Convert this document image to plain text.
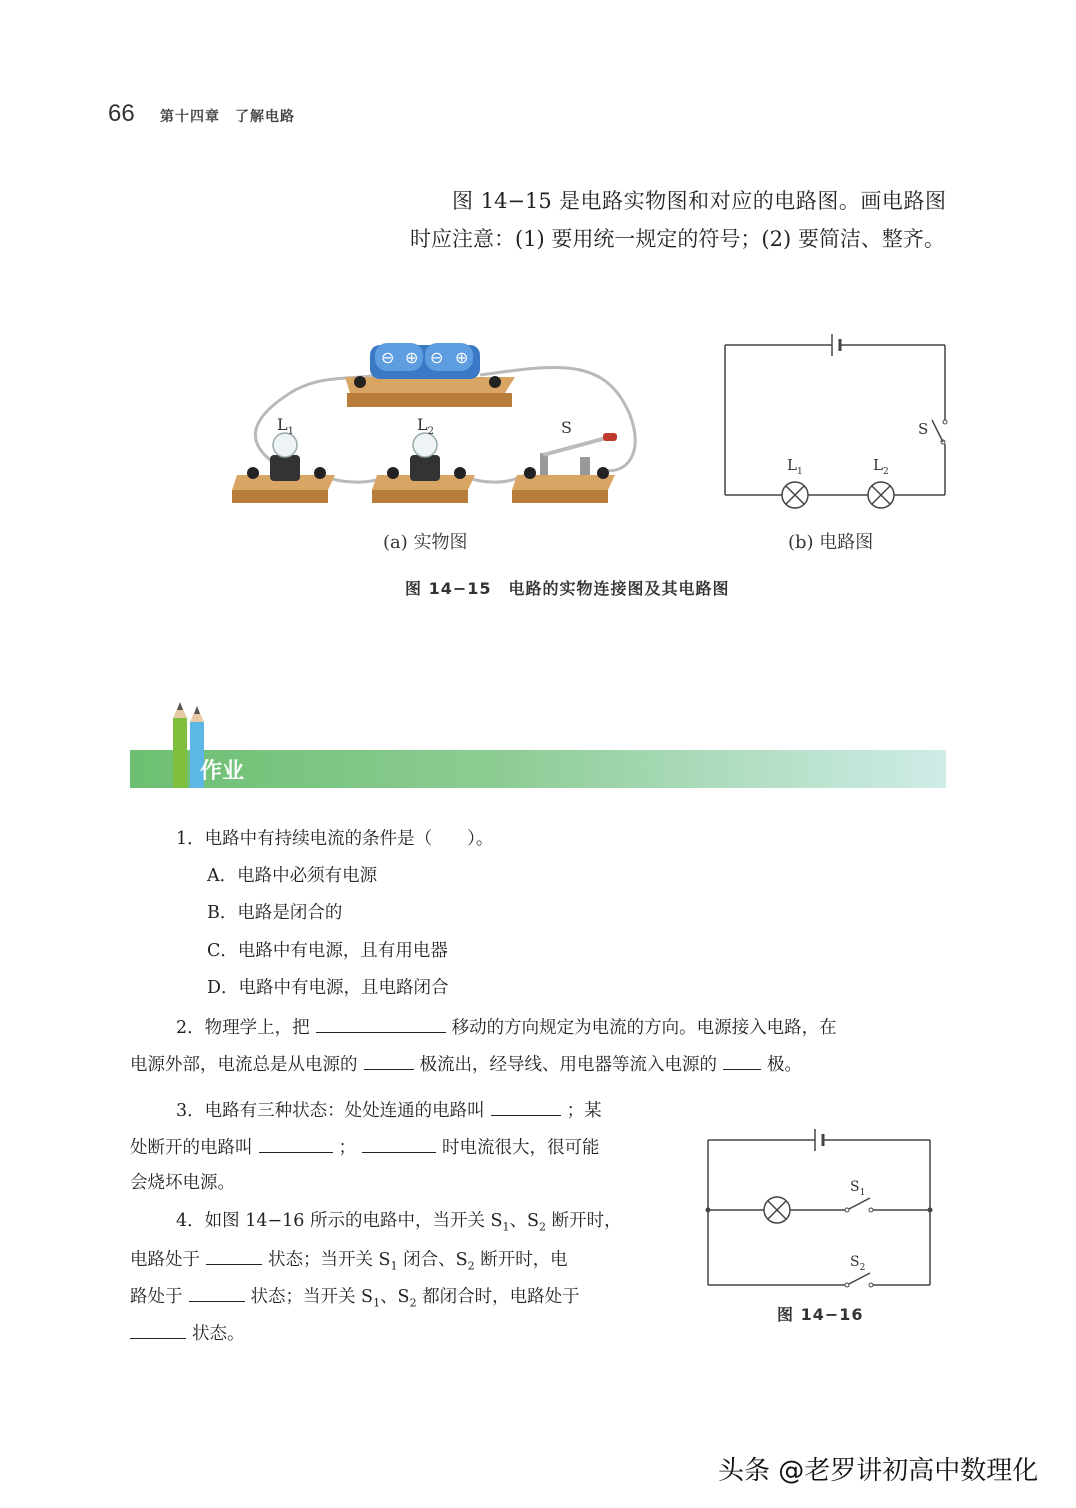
66 第十四章　了解电路
图 14−15 是电路实物图和对应的电路图。画电路图时应注意：(1) 要用统一规定的符号；(2) 要简洁、整齐。
⊖ ⊕ ⊖ ⊕
$L_1$	$L_2$	S	S
$L_1$	$L_2$
(a) 实物图	(b) 电路图
图 14−15　电路的实物连接图及其电路图
作业
1．电路中有持续电流的条件是（　　）。
A．电路中必须有电源
B．电路是闭合的
C．电路中有电源，且有用电器
D．电路中有电源，且电路闭合
2．物理学上，把	移动的方向规定为电流的方向。电源接入电路，在
电源外部，电流总是从电源的	极流出，经导线、用电器等流入电源的	极。
3．电路有三种状态：处处连通的电路叫	；某
处断开的电路叫	；	时电流很大，很可能
会烧坏电源。
4．如图 14−16 所示的电路中，当开关 $S_1$、$S_2$ 断开时，
电路处于	状态；当开关 $S_1$ 闭合、$S_2$ 断开时，电
路处于	状态；当开关 $S_1$、$S_2$ 都闭合时，电路处于
状态。
$S_1$
$S_2$
图 14−16
头条 @老罗讲初高中数理化
